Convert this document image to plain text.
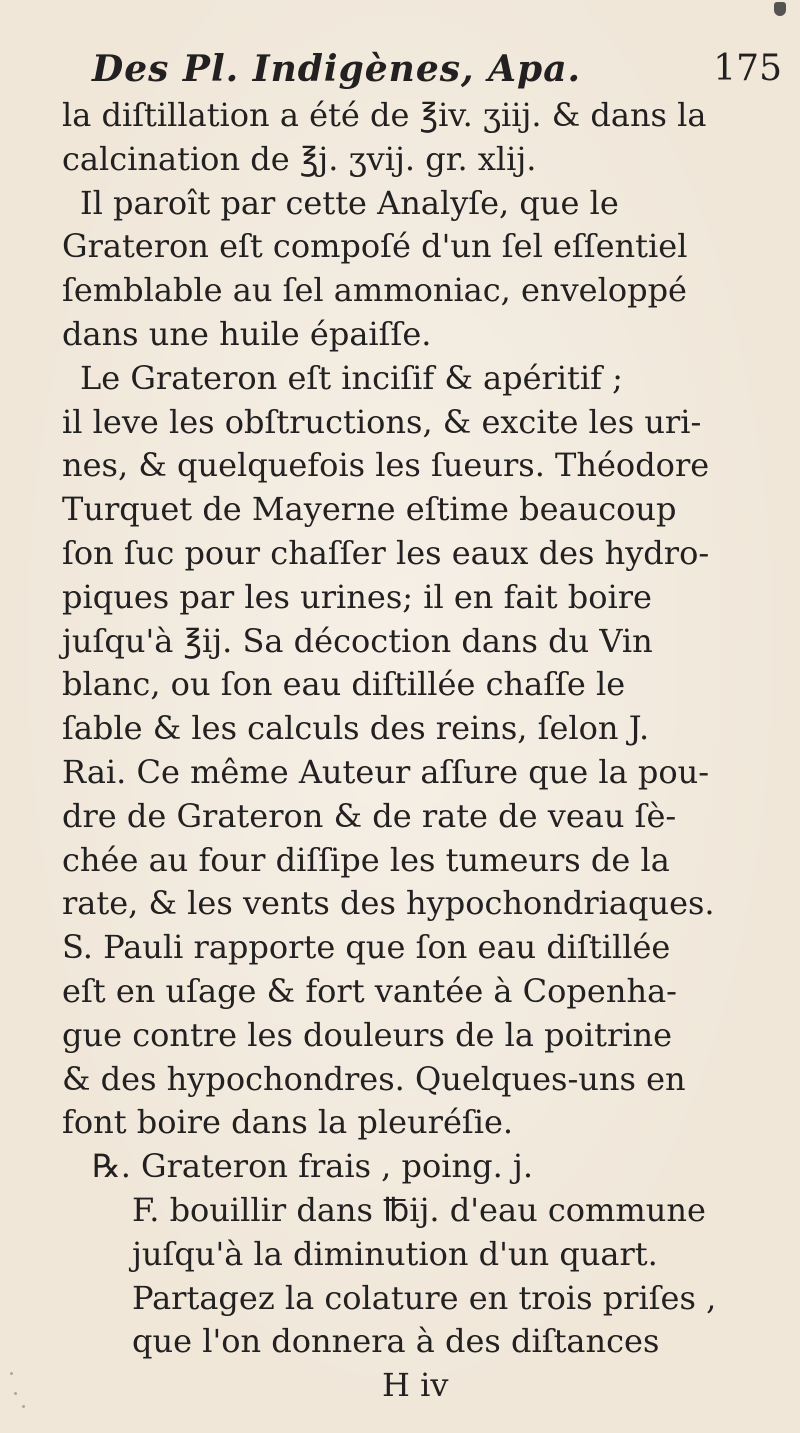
Des Pl. Indigènes, Apa.	175
la diſtillation a été de ℥iv. ʒiij. & dans la
calcination de ℥j. ʒvij. gr. xlij.
Il paroît par cette Analyſe, que le
Grateron eſt compoſé d'un ſel eſſentiel
ſemblable au ſel ammoniac, enveloppé
dans une huile épaiſſe.
Le Grateron eſt inciſif & apéritif ;
il leve les obſtructions, & excite les uri-
nes, & quelquefois les ſueurs. Théodore
Turquet de Mayerne eſtime beaucoup
ſon ſuc pour chaſſer les eaux des hydro-
piques par les urines; il en fait boire
juſqu'à ℥ij. Sa décoction dans du Vin
blanc, ou ſon eau diſtillée chaſſe le
ſable & les calculs des reins, ſelon J.
Rai. Ce même Auteur aſſure que la pou-
dre de Grateron & de rate de veau ſè-
chée au four diſſipe les tumeurs de la
rate, & les vents des hypochondriaques.
S. Pauli rapporte que ſon eau diſtillée
eſt en uſage & fort vantée à Copenha-
gue contre les douleurs de la poitrine
& des hypochondres. Quelques-uns en
font boire dans la pleuréſie.
℞. Grateron frais , poing. j.
F. bouillir dans ℔ij. d'eau commune
juſqu'à la diminution d'un quart.
Partagez la colature en trois priſes ,
que l'on donnera à des diſtances
H iv
